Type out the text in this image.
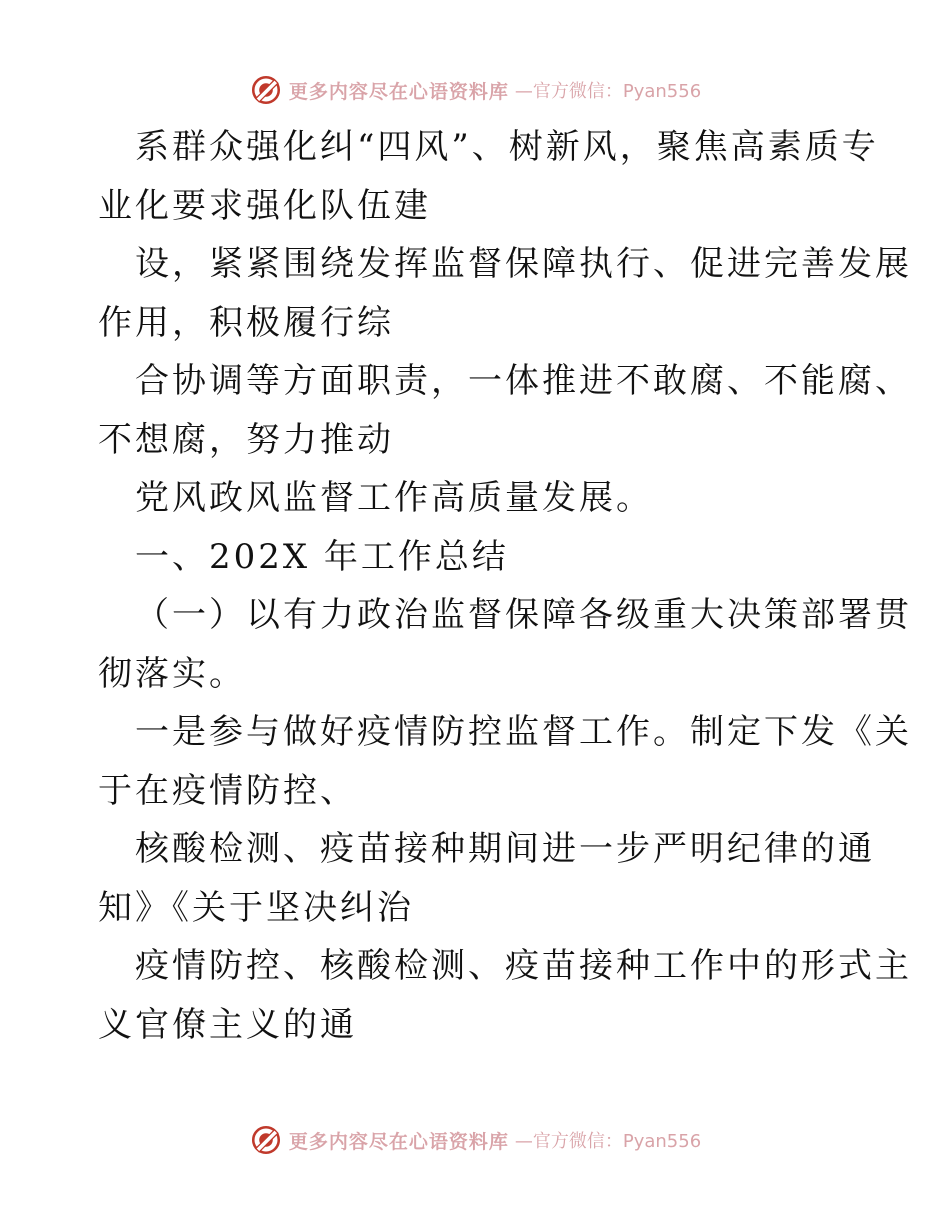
更多内容尽在心语资料库 —官方微信：Pyan556
系群众强化纠“四风”、树新风，聚焦高素质专
业化要求强化队伍建
设，紧紧围绕发挥监督保障执行、促进完善发展
作用，积极履行综
合协调等方面职责，一体推进不敢腐、不能腐、
不想腐，努力推动
党风政风监督工作高质量发展。
一、202X 年工作总结
（一）以有力政治监督保障各级重大决策部署贯
彻落实。
一是参与做好疫情防控监督工作。制定下发《关
于在疫情防控、
核酸检测、疫苗接种期间进一步严明纪律的通
知》《关于坚决纠治
疫情防控、核酸检测、疫苗接种工作中的形式主
义官僚主义的通
更多内容尽在心语资料库 —官方微信：Pyan556
